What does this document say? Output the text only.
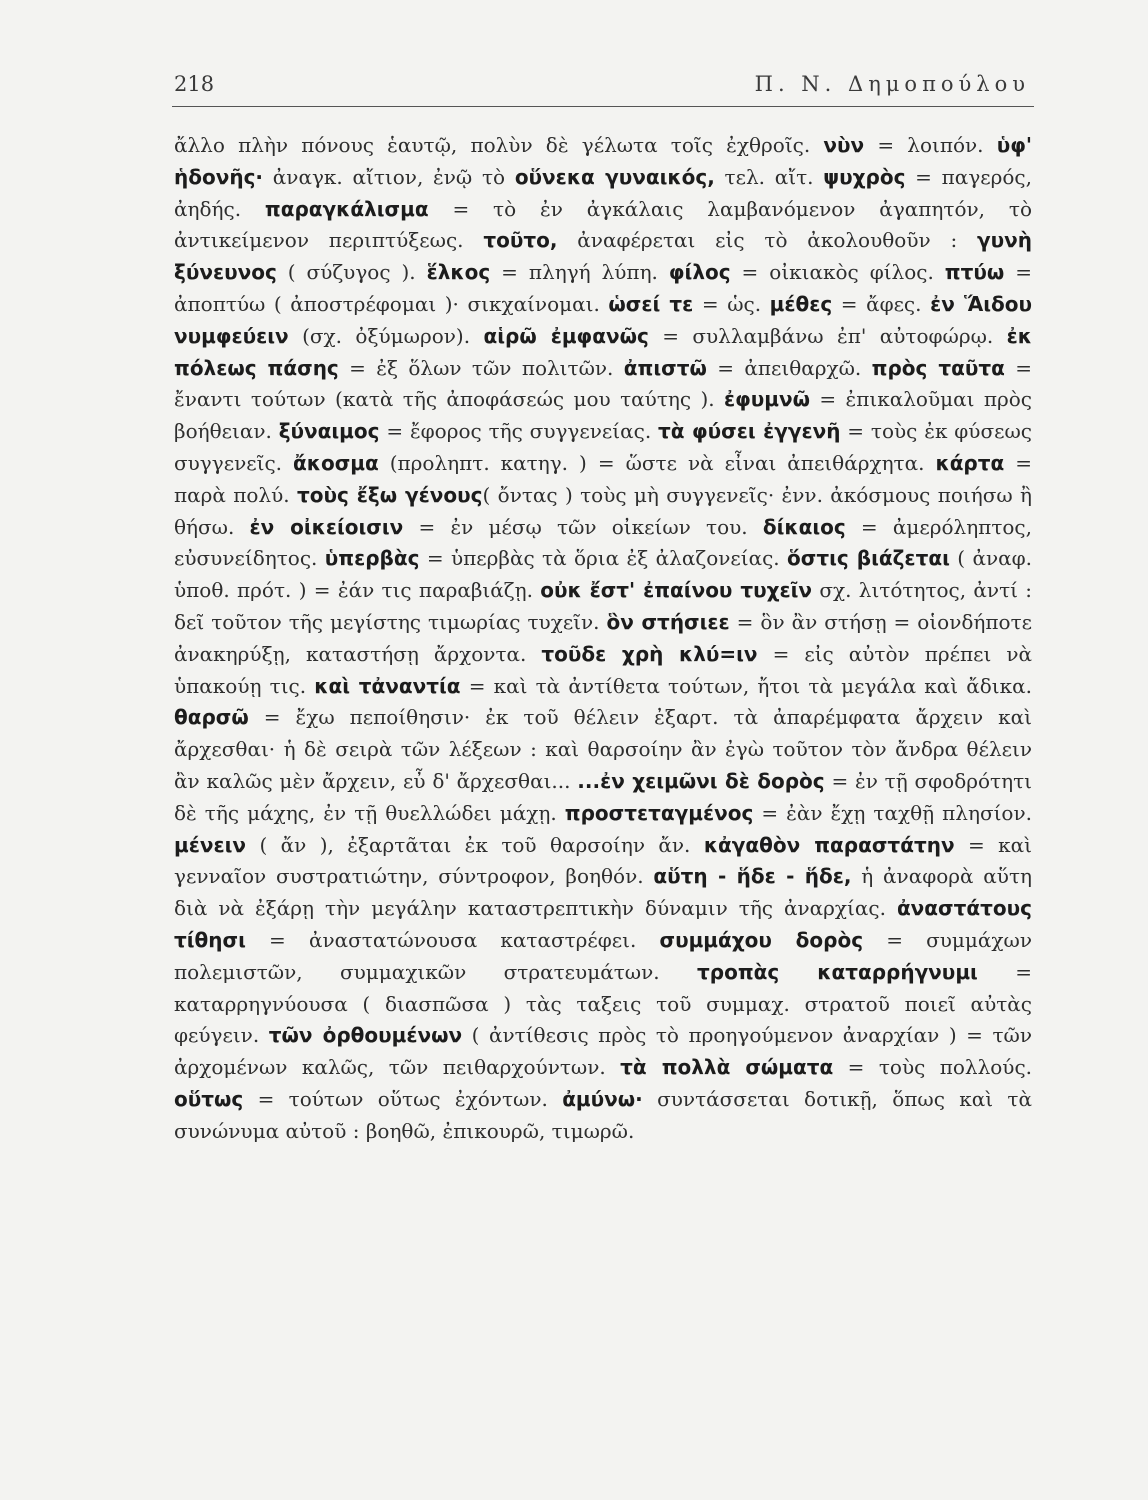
218	Π. Ν. Δημοπούλου

ἄλλο πλὴν πόνους ἑαυτῷ, πολὺν δὲ γέλωτα τοῖς ἐχθροῖς. νὺν = λοιπόν. ὑφ' ἡδονῆς· ἀναγκ. αἴτιον, ἐνῷ τὸ οὕνεκα γυναικός, τελ. αἴτ. ψυχρὸς = παγερός, ἀηδής. παραγκάλισμα = τὸ ἐν ἀγκάλαις λαμβανόμενον ἀγαπητόν, τὸ ἀντικείμενον περιπτύξεως. τοῦτο, ἀναφέρεται εἰς τὸ ἀκολουθοῦν : γυνὴ ξύνευνος ( σύζυγος ). ἕλκος = πληγή λύπη. φίλος = οἰκιακὸς φίλος. πτύω = ἀποπτύω ( ἀποστρέφομαι )· σικχαίνομαι. ὡσεί τε = ὡς. μέθες = ἄφες. ἐν Ἅιδου νυμφεύειν (σχ. ὀξύμωρον). αἱρῶ ἐμφανῶς = συλλαμβάνω ἐπ' αὐτοφώρῳ. ἐκ πόλεως πάσης = ἐξ ὅλων τῶν πολιτῶν. ἀπιστῶ = ἀπειθαρχῶ. πρὸς ταῦτα = ἔναντι τούτων (κατὰ τῆς ἀποφάσεώς μου ταύτης ). ἐφυμνῶ = ἐπικαλοῦμαι πρὸς βοήθειαν. ξύναιμος = ἔφορος τῆς συγγενείας. τὰ φύσει ἐγγενῆ = τοὺς ἐκ φύσεως συγγενεῖς. ἄκοσμα (προληπτ. κατηγ. ) = ὥστε νὰ εἶναι ἀπειθάρχητα. κάρτα = παρὰ πολύ. τοὺς ἔξω γένους( ὄντας ) τοὺς μὴ συγγενεῖς· ἐνν. ἀκόσμους ποιήσω ἢ θήσω. ἐν οἰκείοισιν = ἐν μέσῳ τῶν οἰκείων του. δίκαιος = ἀμερόληπτος, εὐσυνείδητος. ὑπερβὰς = ὑπερβὰς τὰ ὅρια ἐξ ἀλαζονείας. ὅστις βιάζεται ( ἀναφ. ὑποθ. πρότ. ) = ἐάν τις παραβιάζῃ. οὐκ ἔστ' ἐπαίνου τυχεῖν σχ. λιτότητος, ἀντί : δεῖ τοῦτον τῆς μεγίστης τιμωρίας τυχεῖν. ὃν στήσιεε = ὃν ἂν στήσῃ = οἱονδήποτε ἀνακηρύξῃ, καταστήσῃ ἄρχοντα. τοῦδε χρὴ κλύ=ιν = εἰς αὐτὸν πρέπει νὰ ὑπακούῃ τις. καὶ τἀναντία = καὶ τὰ ἀντίθετα τούτων, ἤτοι τὰ μεγάλα καὶ ἄδικα. θαρσῶ = ἔχω πεποίθησιν· ἐκ τοῦ θέλειν ἐξαρτ. τὰ ἀπαρέμφατα ἄρχειν καὶ ἄρχεσθαι· ἡ δὲ σειρὰ τῶν λέξεων : καὶ θαρσοίην ἂν ἐγὼ τοῦτον τὸν ἄνδρα θέλειν ἂν καλῶς μὲν ἄρχειν, εὖ δ' ἄρχεσθαι... ...ἐν χειμῶνι δὲ δορὸς = ἐν τῇ σφοδρότητι δὲ τῆς μάχης, ἐν τῇ θυελλώδει μάχῃ. προστεταγμένος = ἐὰν ἔχῃ ταχθῇ πλησίον. μένειν ( ἄν ), ἐξαρτᾶται ἐκ τοῦ θαρσοίην ἄν. κἀγαθὸν παραστάτην = καὶ γενναῖον συστρατιώτην, σύντροφον, βοηθόν. αὕτη - ἥδε - ἥδε, ἡ ἀναφορὰ αὕτη διὰ νὰ ἐξάρῃ τὴν μεγάλην καταστρεπτικὴν δύναμιν τῆς ἀναρχίας. ἀναστάτους τίθησι = ἀναστατώνουσα καταστρέφει. συμμάχου δορὸς = συμμάχων πολεμιστῶν, συμμαχικῶν στρατευμάτων. τροπὰς καταρρήγνυμι = καταρρηγνύουσα ( διασπῶσα ) τὰς ταξεις τοῦ συμμαχ. στρατοῦ ποιεῖ αὐτὰς φεύγειν. τῶν ὀρθουμένων ( ἀντίθεσις πρὸς τὸ προηγούμενον ἀναρχίαν ) = τῶν ἀρχομένων καλῶς, τῶν πειθαρχούντων. τὰ πολλὰ σώματα = τοὺς πολλούς. οὕτως = τούτων οὕτως ἐχόντων. ἀμύνω· συντάσσεται δοτικῇ, ὅπως καὶ τὰ συνώνυμα αὐτοῦ : βοηθῶ, ἐπικουρῶ, τιμωρῶ.
